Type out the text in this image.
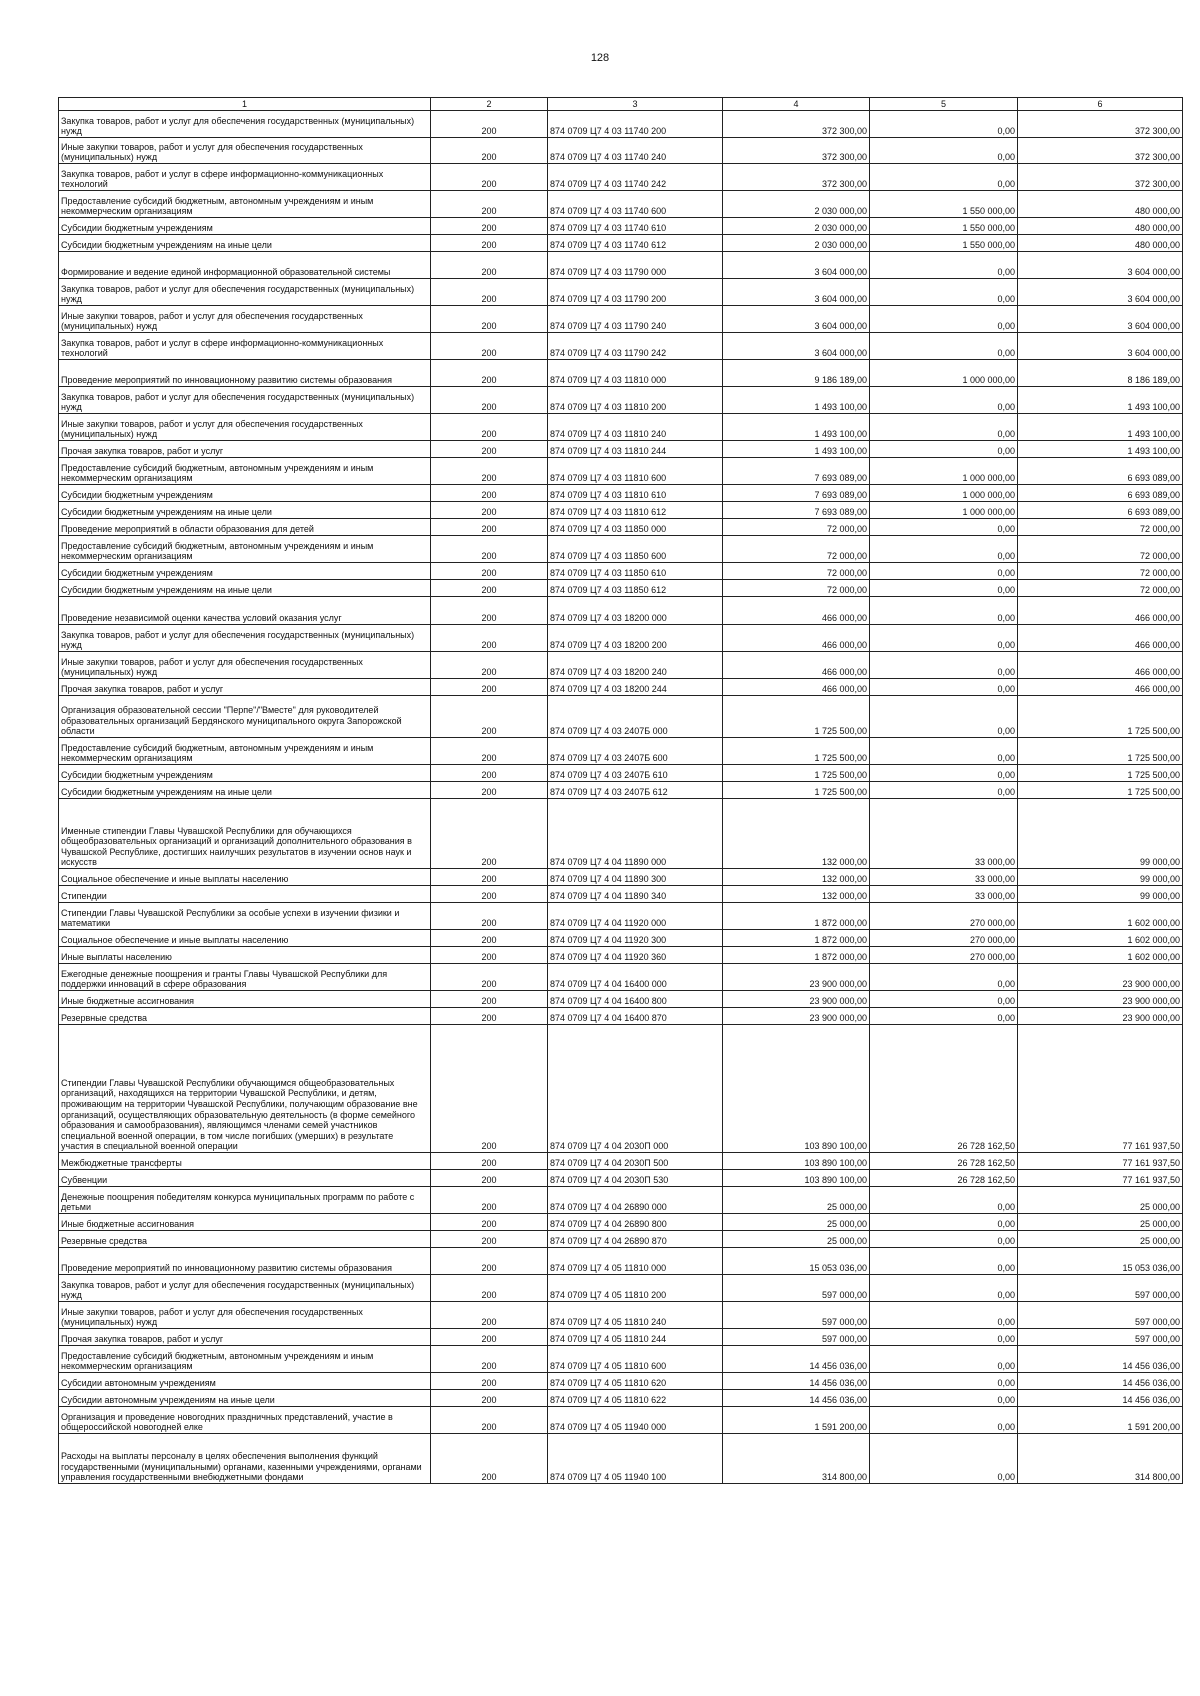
128
1	2	3	4	5	6
Закупка товаров, работ и услуг для обеспечения государственных (муниципальных) нужд	200	874 0709 Ц7 4 03 11740 200	372 300,00	0,00	372 300,00
Иные закупки товаров, работ и услуг для обеспечения государственных (муниципальных) нужд	200	874 0709 Ц7 4 03 11740 240	372 300,00	0,00	372 300,00
Закупка товаров, работ и услуг в сфере информационно-коммуникационных технологий	200	874 0709 Ц7 4 03 11740 242	372 300,00	0,00	372 300,00
Предоставление субсидий бюджетным, автономным учреждениям и иным некоммерческим организациям	200	874 0709 Ц7 4 03 11740 600	2 030 000,00	1 550 000,00	480 000,00
Субсидии бюджетным учреждениям	200	874 0709 Ц7 4 03 11740 610	2 030 000,00	1 550 000,00	480 000,00
Субсидии бюджетным учреждениям на иные цели	200	874 0709 Ц7 4 03 11740 612	2 030 000,00	1 550 000,00	480 000,00
Формирование и ведение единой информационной образовательной системы	200	874 0709 Ц7 4 03 11790 000	3 604 000,00	0,00	3 604 000,00
Закупка товаров, работ и услуг для обеспечения государственных (муниципальных) нужд	200	874 0709 Ц7 4 03 11790 200	3 604 000,00	0,00	3 604 000,00
Иные закупки товаров, работ и услуг для обеспечения государственных (муниципальных) нужд	200	874 0709 Ц7 4 03 11790 240	3 604 000,00	0,00	3 604 000,00
Закупка товаров, работ и услуг в сфере информационно-коммуникационных технологий	200	874 0709 Ц7 4 03 11790 242	3 604 000,00	0,00	3 604 000,00
Проведение мероприятий по инновационному развитию системы образования	200	874 0709 Ц7 4 03 11810 000	9 186 189,00	1 000 000,00	8 186 189,00
Закупка товаров, работ и услуг для обеспечения государственных (муниципальных) нужд	200	874 0709 Ц7 4 03 11810 200	1 493 100,00	0,00	1 493 100,00
Иные закупки товаров, работ и услуг для обеспечения государственных (муниципальных) нужд	200	874 0709 Ц7 4 03 11810 240	1 493 100,00	0,00	1 493 100,00
Прочая закупка товаров, работ и услуг	200	874 0709 Ц7 4 03 11810 244	1 493 100,00	0,00	1 493 100,00
Предоставление субсидий бюджетным, автономным учреждениям и иным некоммерческим организациям	200	874 0709 Ц7 4 03 11810 600	7 693 089,00	1 000 000,00	6 693 089,00
Субсидии бюджетным учреждениям	200	874 0709 Ц7 4 03 11810 610	7 693 089,00	1 000 000,00	6 693 089,00
Субсидии бюджетным учреждениям на иные цели	200	874 0709 Ц7 4 03 11810 612	7 693 089,00	1 000 000,00	6 693 089,00
Проведение мероприятий в области образования для детей	200	874 0709 Ц7 4 03 11850 000	72 000,00	0,00	72 000,00
Предоставление субсидий бюджетным, автономным учреждениям и иным некоммерческим организациям	200	874 0709 Ц7 4 03 11850 600	72 000,00	0,00	72 000,00
Субсидии бюджетным учреждениям	200	874 0709 Ц7 4 03 11850 610	72 000,00	0,00	72 000,00
Субсидии бюджетным учреждениям на иные цели	200	874 0709 Ц7 4 03 11850 612	72 000,00	0,00	72 000,00
Проведение независимой оценки качества условий оказания услуг	200	874 0709 Ц7 4 03 18200 000	466 000,00	0,00	466 000,00
Закупка товаров, работ и услуг для обеспечения государственных (муниципальных) нужд	200	874 0709 Ц7 4 03 18200 200	466 000,00	0,00	466 000,00
Иные закупки товаров, работ и услуг для обеспечения государственных (муниципальных) нужд	200	874 0709 Ц7 4 03 18200 240	466 000,00	0,00	466 000,00
Прочая закупка товаров, работ и услуг	200	874 0709 Ц7 4 03 18200 244	466 000,00	0,00	466 000,00
Организация образовательной сессии "Перпе"/"Вместе" для руководителей образовательных организаций Бердянского муниципального округа Запорожской области	200	874 0709 Ц7 4 03 2407Б 000	1 725 500,00	0,00	1 725 500,00
Предоставление субсидий бюджетным, автономным учреждениям и иным некоммерческим организациям	200	874 0709 Ц7 4 03 2407Б 600	1 725 500,00	0,00	1 725 500,00
Субсидии бюджетным учреждениям	200	874 0709 Ц7 4 03 2407Б 610	1 725 500,00	0,00	1 725 500,00
Субсидии бюджетным учреждениям на иные цели	200	874 0709 Ц7 4 03 2407Б 612	1 725 500,00	0,00	1 725 500,00
Именные стипендии Главы Чувашской Республики для обучающихся общеобразовательных организаций и организаций дополнительного образования в Чувашской Республике, достигших наилучших результатов в изучении основ наук и искусств	200	874 0709 Ц7 4 04 11890 000	132 000,00	33 000,00	99 000,00
Социальное обеспечение и иные выплаты населению	200	874 0709 Ц7 4 04 11890 300	132 000,00	33 000,00	99 000,00
Стипендии	200	874 0709 Ц7 4 04 11890 340	132 000,00	33 000,00	99 000,00
Стипендии Главы Чувашской Республики за особые успехи в изучении физики и математики	200	874 0709 Ц7 4 04 11920 000	1 872 000,00	270 000,00	1 602 000,00
Социальное обеспечение и иные выплаты населению	200	874 0709 Ц7 4 04 11920 300	1 872 000,00	270 000,00	1 602 000,00
Иные выплаты населению	200	874 0709 Ц7 4 04 11920 360	1 872 000,00	270 000,00	1 602 000,00
Ежегодные денежные поощрения и гранты Главы Чувашской Республики для поддержки инноваций в сфере образования	200	874 0709 Ц7 4 04 16400 000	23 900 000,00	0,00	23 900 000,00
Иные бюджетные ассигнования	200	874 0709 Ц7 4 04 16400 800	23 900 000,00	0,00	23 900 000,00
Резервные средства	200	874 0709 Ц7 4 04 16400 870	23 900 000,00	0,00	23 900 000,00
Стипендии Главы Чувашской Республики обучающимся общеобразовательных организаций, находящихся на территории Чувашской Республики, и детям, проживающим на территории Чувашской Республики, получающим образование вне организаций, осуществляющих образовательную деятельность (в форме семейного образования и самообразования), являющимся членами семей участников специальной военной операции, в том числе погибших (умерших) в результате участия в специальной военной операции	200	874 0709 Ц7 4 04 2030П 000	103 890 100,00	26 728 162,50	77 161 937,50
Межбюджетные трансферты	200	874 0709 Ц7 4 04 2030П 500	103 890 100,00	26 728 162,50	77 161 937,50
Субвенции	200	874 0709 Ц7 4 04 2030П 530	103 890 100,00	26 728 162,50	77 161 937,50
Денежные поощрения победителям конкурса муниципальных программ по работе с детьми	200	874 0709 Ц7 4 04 26890 000	25 000,00	0,00	25 000,00
Иные бюджетные ассигнования	200	874 0709 Ц7 4 04 26890 800	25 000,00	0,00	25 000,00
Резервные средства	200	874 0709 Ц7 4 04 26890 870	25 000,00	0,00	25 000,00
Проведение мероприятий по инновационному развитию системы образования	200	874 0709 Ц7 4 05 11810 000	15 053 036,00	0,00	15 053 036,00
Закупка товаров, работ и услуг для обеспечения государственных (муниципальных) нужд	200	874 0709 Ц7 4 05 11810 200	597 000,00	0,00	597 000,00
Иные закупки товаров, работ и услуг для обеспечения государственных (муниципальных) нужд	200	874 0709 Ц7 4 05 11810 240	597 000,00	0,00	597 000,00
Прочая закупка товаров, работ и услуг	200	874 0709 Ц7 4 05 11810 244	597 000,00	0,00	597 000,00
Предоставление субсидий бюджетным, автономным учреждениям и иным некоммерческим организациям	200	874 0709 Ц7 4 05 11810 600	14 456 036,00	0,00	14 456 036,00
Субсидии автономным учреждениям	200	874 0709 Ц7 4 05 11810 620	14 456 036,00	0,00	14 456 036,00
Субсидии автономным учреждениям на иные цели	200	874 0709 Ц7 4 05 11810 622	14 456 036,00	0,00	14 456 036,00
Организация и проведение новогодних праздничных представлений, участие в общероссийской новогодней елке	200	874 0709 Ц7 4 05 11940 000	1 591 200,00	0,00	1 591 200,00
Расходы на выплаты персоналу в целях обеспечения выполнения функций государственными (муниципальными) органами, казенными учреждениями, органами управления государственными внебюджетными фондами	200	874 0709 Ц7 4 05 11940 100	314 800,00	0,00	314 800,00
